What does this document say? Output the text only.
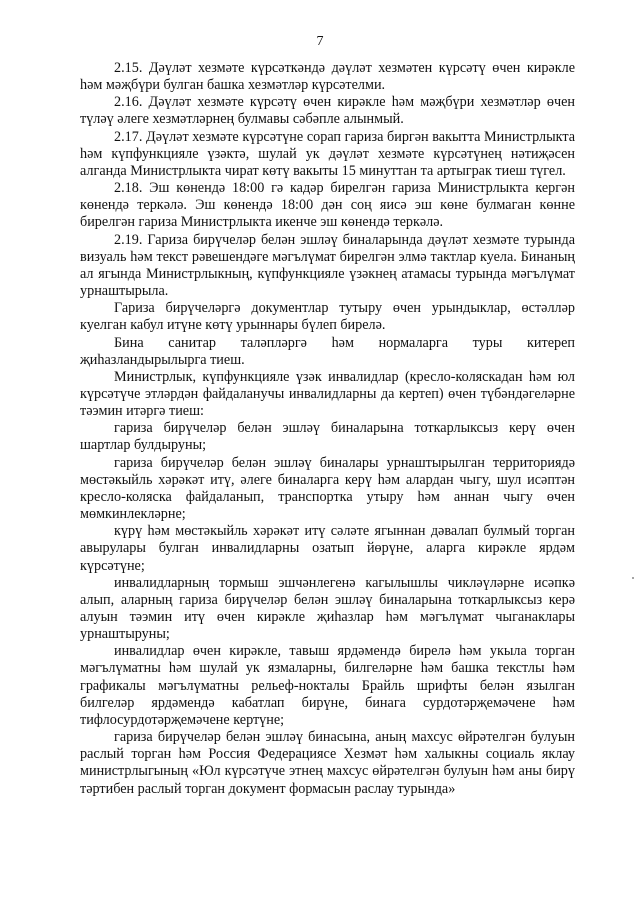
7

2.15. Дәүләт хезмәте күрсәткәндә дәүләт хезмәтен күрсәтү өчен кирәкле һәм мәҗбүри булган башка хезмәтләр күрсәтелми.

2.16. Дәүләт хезмәте күрсәтү өчен кирәкле һәм мәҗбүри хезмәтләр өчен түләү әлеге хезмәтләрнең булмавы сәбәпле алынмый.

2.17. Дәүләт хезмәте күрсәтүне сорап гариза биргән вакытта Министрлыкта һәм күпфункцияле үзәктә, шулай ук дәүләт хезмәте күрсәтүнең нәтиҗәсен алганда Министрлыкта чират көтү вакыты 15 минуттан та артыграк тиеш түгел.

2.18. Эш көнендә 18:00 гә кадәр бирелгән гариза Министрлыкта кергән көнендә теркәлә. Эш көнендә 18:00 дән соң яисә эш көне булмаган көнне бирелгән гариза Министрлыкта икенче эш көнендә теркәлә.

2.19. Гариза бирүчеләр белән эшләү биналарында дәүләт хезмәте турында визуаль һәм текст рәвешендәге мәгълүмат бирелгән элмә тактлар куела. Бинаның ал ягында Министрлыкның, күпфункцияле үзәкнең атамасы турында мәгълүмат урнаштырыла.

Гариза бирүчеләргә документлар тутыру өчен урындыклар, өстәлләр куелган кабул итүне көтү урыннары бүлеп бирелә.

Бина санитар таләпләргә һәм нормаларга туры китереп җиһазландырылырга тиеш.

Министрлык, күпфункцияле үзәк инвалидлар (кресло-коляскадан һәм юл күрсәтүче этләрдән файдаланучы инвалидларны да кертеп) өчен түбәндәгеләрне тәэмин итәргә тиеш:

гариза бирүчеләр белән эшләү биналарына тоткарлыксыз керү өчен шартлар булдыруны;

гариза бирүчеләр белән эшләү биналары урнаштырылган территориядә мөстәкыйль хәрәкәт итү, әлеге биналарга керү һәм алардан чыгу, шул исәптән кресло-коляска файдаланып, транспортка утыру һәм аннан чыгу өчен мөмкинлекләрне;

күрү һәм мөстәкыйль хәрәкәт итү сәләте ягыннан дәвалап булмый торган авырулары булган инвалидларны озатып йөрүне, аларга кирәкле ярдәм күрсәтүне;

инвалидларның тормыш эшчәнлегенә кагылышлы чикләүләрне исәпкә алып, аларның гариза бирүчеләр белән эшләү биналарына тоткарлыксыз керә алуын тәэмин итү өчен кирәкле җиһазлар һәм мәгълүмат чыганаклары урнаштыруны;

инвалидлар өчен кирәкле, тавыш ярдәмендә бирелә һәм укыла торган мәгълүматны һәм шулай ук язмаларны, билгеләрне һәм башка текстлы һәм графикалы мәгълүматны рельеф-нокталы Брайль шрифты белән язылган билгеләр ярдәмендә кабатлап бирүне, бинага сурдотәрҗемәчене һәм тифлосурдотәрҗемәчене кертүне;

гариза бирүчеләр белән эшләү бинасына, аның махсус өйрәтелгән булуын раслый торган һәм Россия Федерациясе Хезмәт һәм халыкны социаль яклау министрлыгының «Юл күрсәтүче этнең махсус өйрәтелгән булуын һәм аны бирү тәртибен раслый торган документ формасын раслау турында»
